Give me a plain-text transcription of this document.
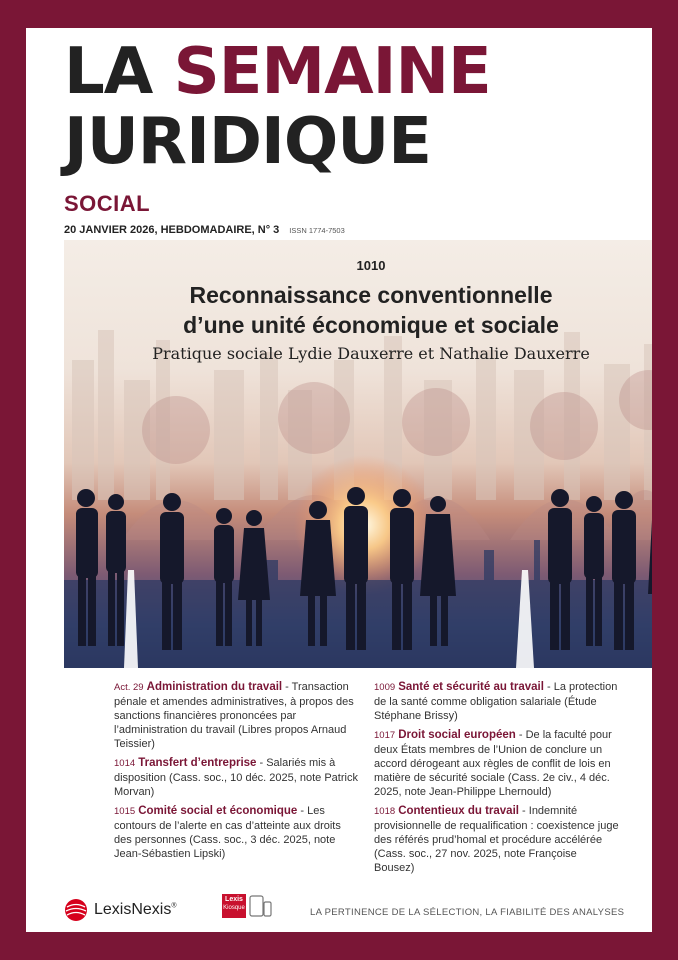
LA SEMAINE
JURIDIQUE
SOCIAL
20 JANVIER 2026, HEBDOMADAIRE, N° 3 ISSN 1774-7503
1010
Reconnaissance conventionnelle
d’une unité économique et sociale
Pratique sociale Lydie Dauxerre et Nathalie Dauxerre
Act. 29 Administration du travail - Transaction pénale et amendes administratives, à propos des sanctions financières prononcées par l’administration du travail (Libres propos Arnaud Teissier)
1014 Transfert d’entreprise - Salariés mis à disposition (Cass. soc., 10 déc. 2025, note Patrick Morvan)
1015 Comité social et économique - Les contours de l’alerte en cas d’atteinte aux droits des personnes (Cass. soc., 3 déc. 2025, note Jean-Sébastien Lipski)
1009 Santé et sécurité au travail - La protection de la santé comme obligation salariale (Étude Stéphane Brissy)
1017 Droit social européen - De la faculté pour deux États membres de l’Union de conclure un accord dérogeant aux règles de conflit de lois en matière de sécurité sociale (Cass. 2e civ., 4 déc. 2025, note Jean-Philippe Lhernould)
1018 Contentieux du travail - Indemnité provisionnelle de requalification : coexistence juge des référés prud’homal et procédure accélérée (Cass. soc., 27 nov. 2025, note Françoise Bousez)
LexisNexis®
Lexis
Kiosque	LA PERTINENCE DE LA SÉLECTION, LA FIABILITÉ DES ANALYSES
